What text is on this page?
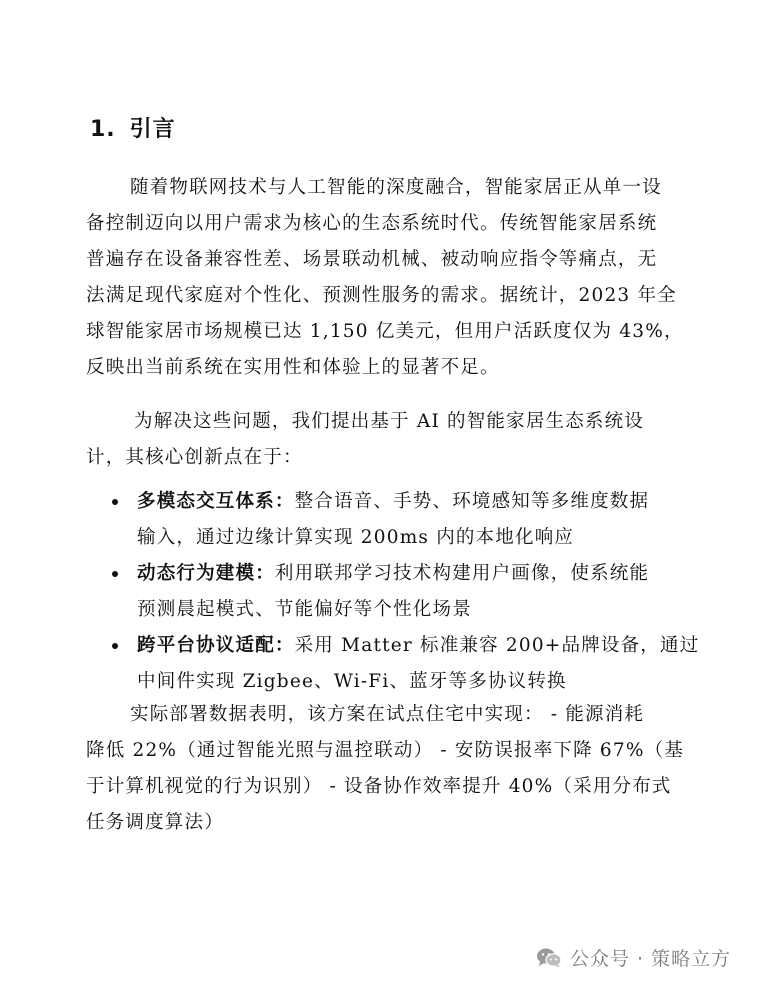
1. 引言
随着物联网技术与人工智能的深度融合，智能家居正从单一设
备控制迈向以用户需求为核心的生态系统时代。传统智能家居系统
普遍存在设备兼容性差、场景联动机械、被动响应指令等痛点，无
法满足现代家庭对个性化、预测性服务的需求。据统计，2023 年全
球智能家居市场规模已达 1,150 亿美元，但用户活跃度仅为 43%，
反映出当前系统在实用性和体验上的显著不足。
为解决这些问题，我们提出基于 AI 的智能家居生态系统设
计，其核心创新点在于：
多模态交互体系：整合语音、手势、环境感知等多维度数据
输入，通过边缘计算实现 200ms 内的本地化响应
动态行为建模：利用联邦学习技术构建用户画像，使系统能
预测晨起模式、节能偏好等个性化场景
跨平台协议适配：采用 Matter 标准兼容 200+品牌设备，通过
中间件实现 Zigbee、Wi-Fi、蓝牙等多协议转换
实际部署数据表明，该方案在试点住宅中实现： - 能源消耗
降低 22%（通过智能光照与温控联动） - 安防误报率下降 67%（基
于计算机视觉的行为识别） - 设备协作效率提升 40%（采用分布式
任务调度算法）
公众号 · 策略立方
